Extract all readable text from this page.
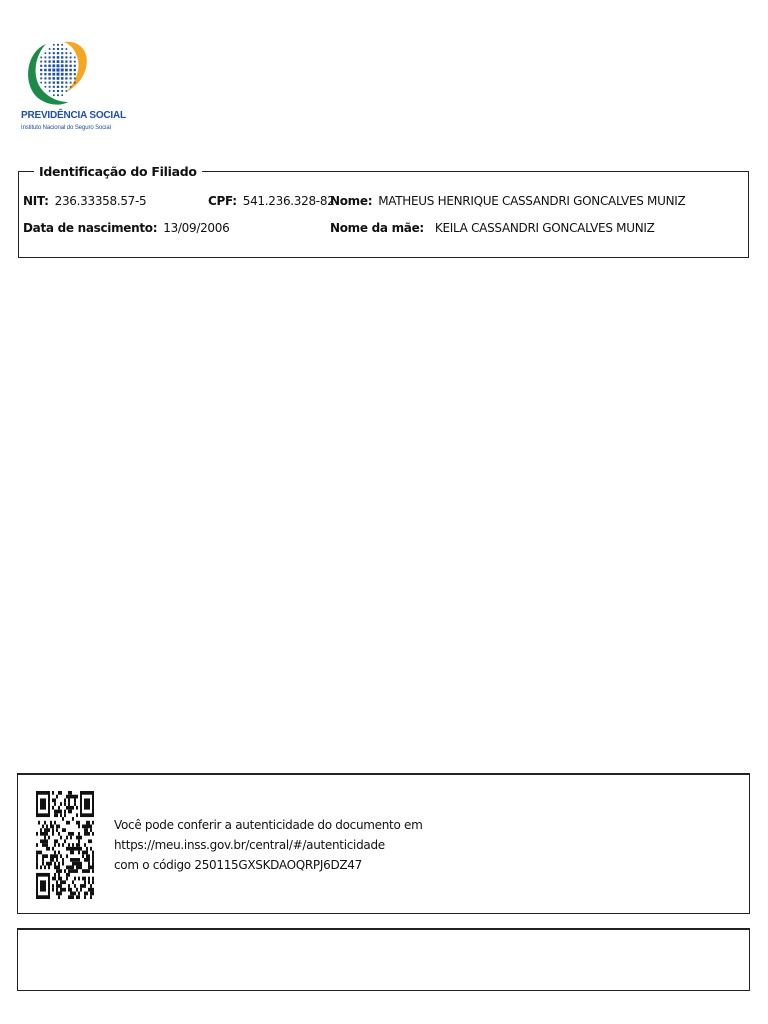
PREVIDÊNCIA SOCIAL
Instituto Nacional do Seguro Social
Identificação do Filiado
NIT: 236.33358.57-5	CPF: 541.236.328-82
Nome: MATHEUS HENRIQUE CASSANDRI GONCALVES MUNIZ
Data de nascimento: 13/09/2006	Nome da mãe: KEILA CASSANDRI GONCALVES MUNIZ
Você pode conferir a autenticidade do documento em
https://meu.inss.gov.br/central/#/autenticidade
com o código 250115GXSKDAOQRPJ6DZ47
